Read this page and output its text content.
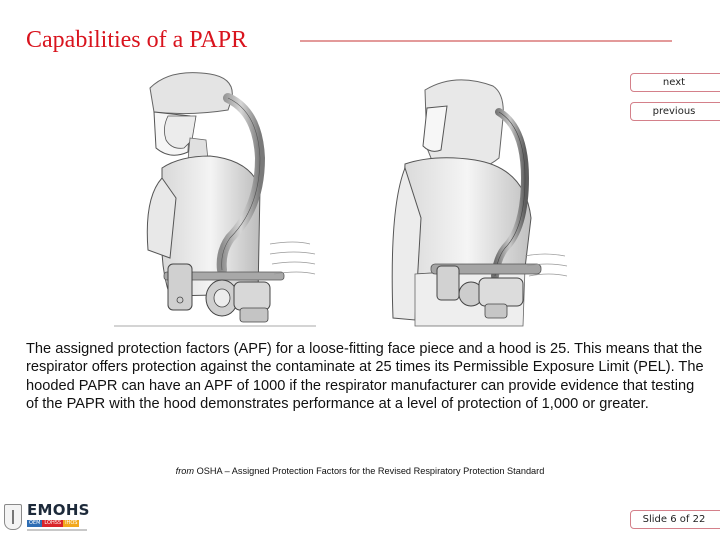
Capabilities of a PAPR
next
previous
The assigned protection factors (APF) for a loose-fitting face piece and a hood is 25. This means that the respirator offers protection against the contaminate at 25 times its Permissible Exposure Limit (PEL). The hooded PAPR can have an APF of 1000 if the respirator manufacturer can provide evidence that testing of the PAPR with the hood demonstrates performance at a level of protection of 1,000 or greater.
from OSHA – Assigned Protection Factors for the Revised Respiratory Protection Standard
EMOHS
OEM LOHSS IHOS	Slide 6 of 22
